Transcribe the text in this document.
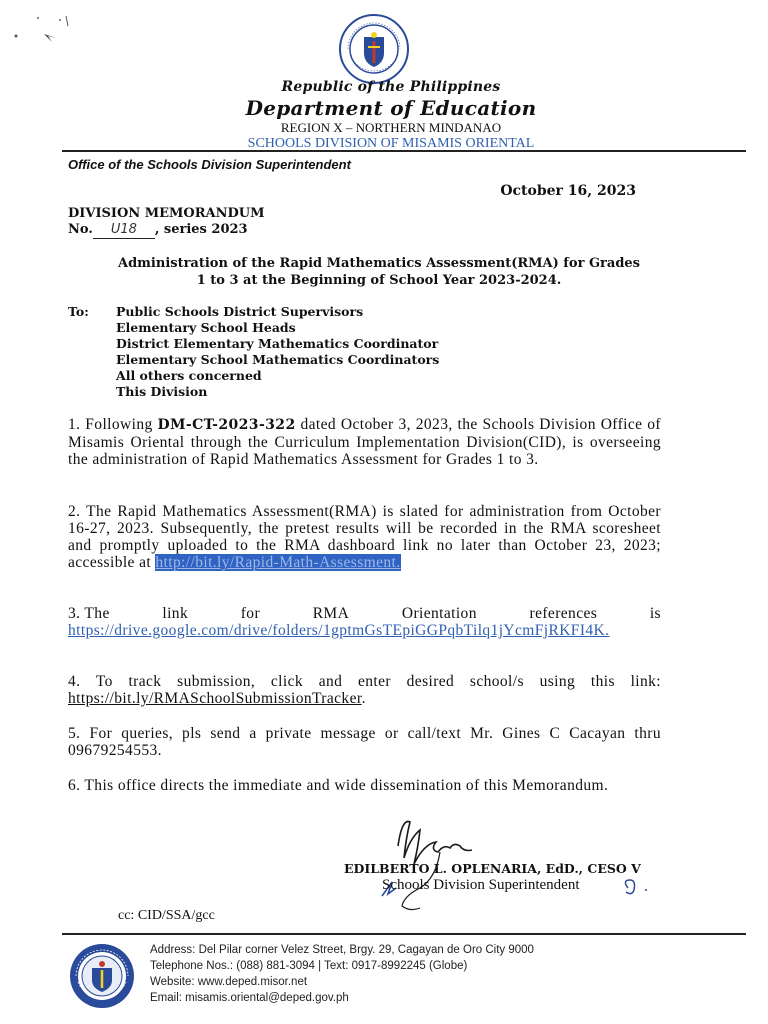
Republic of the Philippines
Department of Education
REGION X – NORTHERN MINDANAO
SCHOOLS DIVISION OF MISAMIS ORIENTAL
Office of the Schools Division Superintendent
October 16, 2023
DIVISION MEMORANDUM
No. U18 , series 2023
Administration of the Rapid Mathematics Assessment(RMA) for Grades
1 to 3 at the Beginning of School Year 2023-2024.
To: Public Schools District Supervisors
Elementary School Heads
District Elementary Mathematics Coordinator
Elementary School Mathematics Coordinators
All others concerned
This Division
1. Following DM-CT-2023-322 dated October 3, 2023, the Schools Division Office of Misamis Oriental through the Curriculum Implementation Division(CID), is overseeing the administration of Rapid Mathematics Assessment for Grades 1 to 3.
2. The Rapid Mathematics Assessment(RMA) is slated for administration from October 16-27, 2023. Subsequently, the pretest results will be recorded in the RMA scoresheet and promptly uploaded to the RMA dashboard link no later than October 23, 2023; accessible at http://bit.ly/Rapid-Math-Assessment.
3. The	link	for	RMA	Orientation	references	is
https://drive.google.com/drive/folders/1gptmGsTEpiGGPqbTilq1jYcmFjRKFI4K.
4. To track submission, click and enter desired school/s using this link: https://bit.ly/RMASchoolSubmissionTracker.
5. For queries, pls send a private message or call/text Mr. Gines C Cacayan thru 09679254553.
6. This office directs the immediate and wide dissemination of this Memorandum.
EDILBERTO L. OPLENARIA, EdD., CESO V
Schools Division Superintendent
cc: CID/SSA/gcc
Address: Del Pilar corner Velez Street, Brgy. 29, Cagayan de Oro City 9000
Telephone Nos.: (088) 881-3094 | Text: 0917-8992245 (Globe)
Website: www.deped.misor.net
Email: misamis.oriental@deped.gov.ph
